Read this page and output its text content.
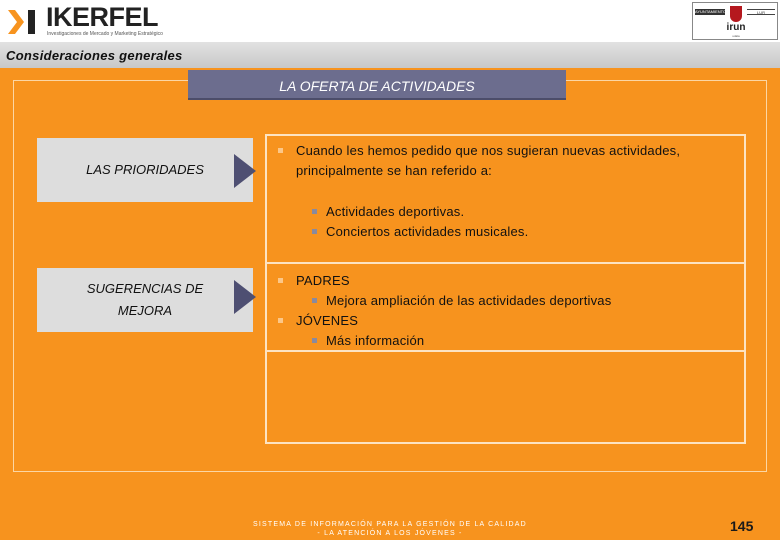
IKERFEL
Investigaciones de Mercado y Marketing Estratégico
AYUNTAMIENTO	LUR
irun
udala
Consideraciones generales
LA OFERTA DE ACTIVIDADES
LAS PRIORIDADES
SUGERENCIAS DE
MEJORA
Cuando les hemos pedido que nos sugieran nuevas actividades,
principalmente se han referido a:
Actividades deportivas.
Conciertos actividades musicales.
PADRES
Mejora ampliación de las actividades deportivas
JÓVENES
Más información
SISTEMA DE INFORMACIÓN PARA LA GESTIÓN DE LA CALIDAD
- LA ATENCIÓN A LOS JÓVENES -	145
